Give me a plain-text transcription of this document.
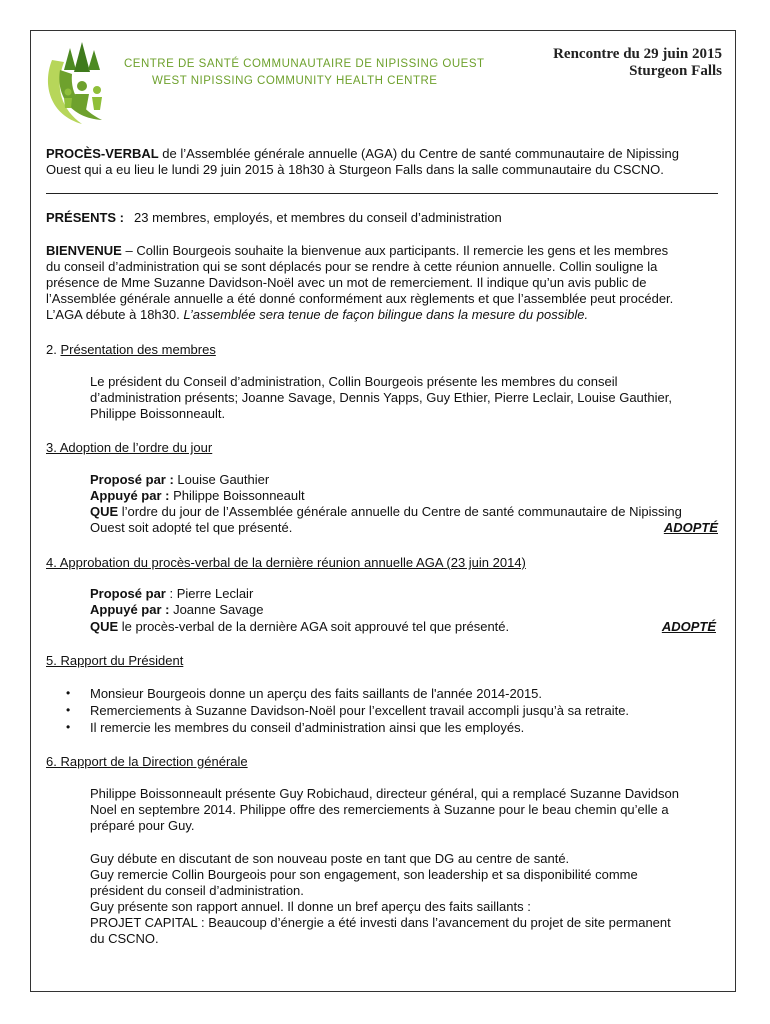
CENTRE DE SANTÉ COMMUNAUTAIRE DE NIPISSING OUEST
WEST NIPISSING COMMUNITY HEALTH CENTRE
Rencontre du 29 juin 2015
Sturgeon Falls
PROCÈS-VERBAL de l’Assemblée générale annuelle (AGA) du Centre de santé communautaire de Nipissing
Ouest qui a eu lieu le lundi 29 juin 2015 à 18h30 à Sturgeon Falls dans la salle communautaire du CSCNO.
PRÉSENTS : 23 membres, employés, et membres du conseil d’administration
BIENVENUE – Collin Bourgeois souhaite la bienvenue aux participants. Il remercie les gens et les membres
du conseil d’administration qui se sont déplacés pour se rendre à cette réunion annuelle. Collin souligne la
présence de Mme Suzanne Davidson-Noël avec un mot de remerciement. Il indique qu’un avis public de
l’Assemblée générale annuelle a été donné conformément aux règlements et que l’assemblée peut procéder.
L’AGA débute à 18h30. L’assemblée sera tenue de façon bilingue dans la mesure du possible.
2. Présentation des membres
Le président du Conseil d’administration, Collin Bourgeois présente les membres du conseil
d’administration présents; Joanne Savage, Dennis Yapps, Guy Ethier, Pierre Leclair, Louise Gauthier,
Philippe Boissonneault.
3. Adoption de l’ordre du jour
Proposé par : Louise Gauthier
Appuyé par : Philippe Boissonneault
QUE l’ordre du jour de l’Assemblée générale annuelle du Centre de santé communautaire de Nipissing
Ouest soit adopté tel que présenté.	ADOPTÉ
4. Approbation du procès-verbal de la dernière réunion annuelle AGA (23 juin 2014)
Proposé par : Pierre Leclair
Appuyé par : Joanne Savage
QUE le procès-verbal de la dernière AGA soit approuvé tel que présenté.	ADOPTÉ
5. Rapport du Président
• Monsieur Bourgeois donne un aperçu des faits saillants de l'année 2014-2015.
• Remerciements à Suzanne Davidson-Noël pour l’excellent travail accompli jusqu’à sa retraite.
• Il remercie les membres du conseil d’administration ainsi que les employés.
6. Rapport de la Direction générale
Philippe Boissonneault présente Guy Robichaud, directeur général, qui a remplacé Suzanne Davidson
Noel en septembre 2014. Philippe offre des remerciements à Suzanne pour le beau chemin qu’elle a
préparé pour Guy.
Guy débute en discutant de son nouveau poste en tant que DG au centre de santé.
Guy remercie Collin Bourgeois pour son engagement, son leadership et sa disponibilité comme
président du conseil d’administration.
Guy présente son rapport annuel. Il donne un bref aperçu des faits saillants :
PROJET CAPITAL : Beaucoup d’énergie a été investi dans l’avancement du projet de site permanent
du CSCNO.
